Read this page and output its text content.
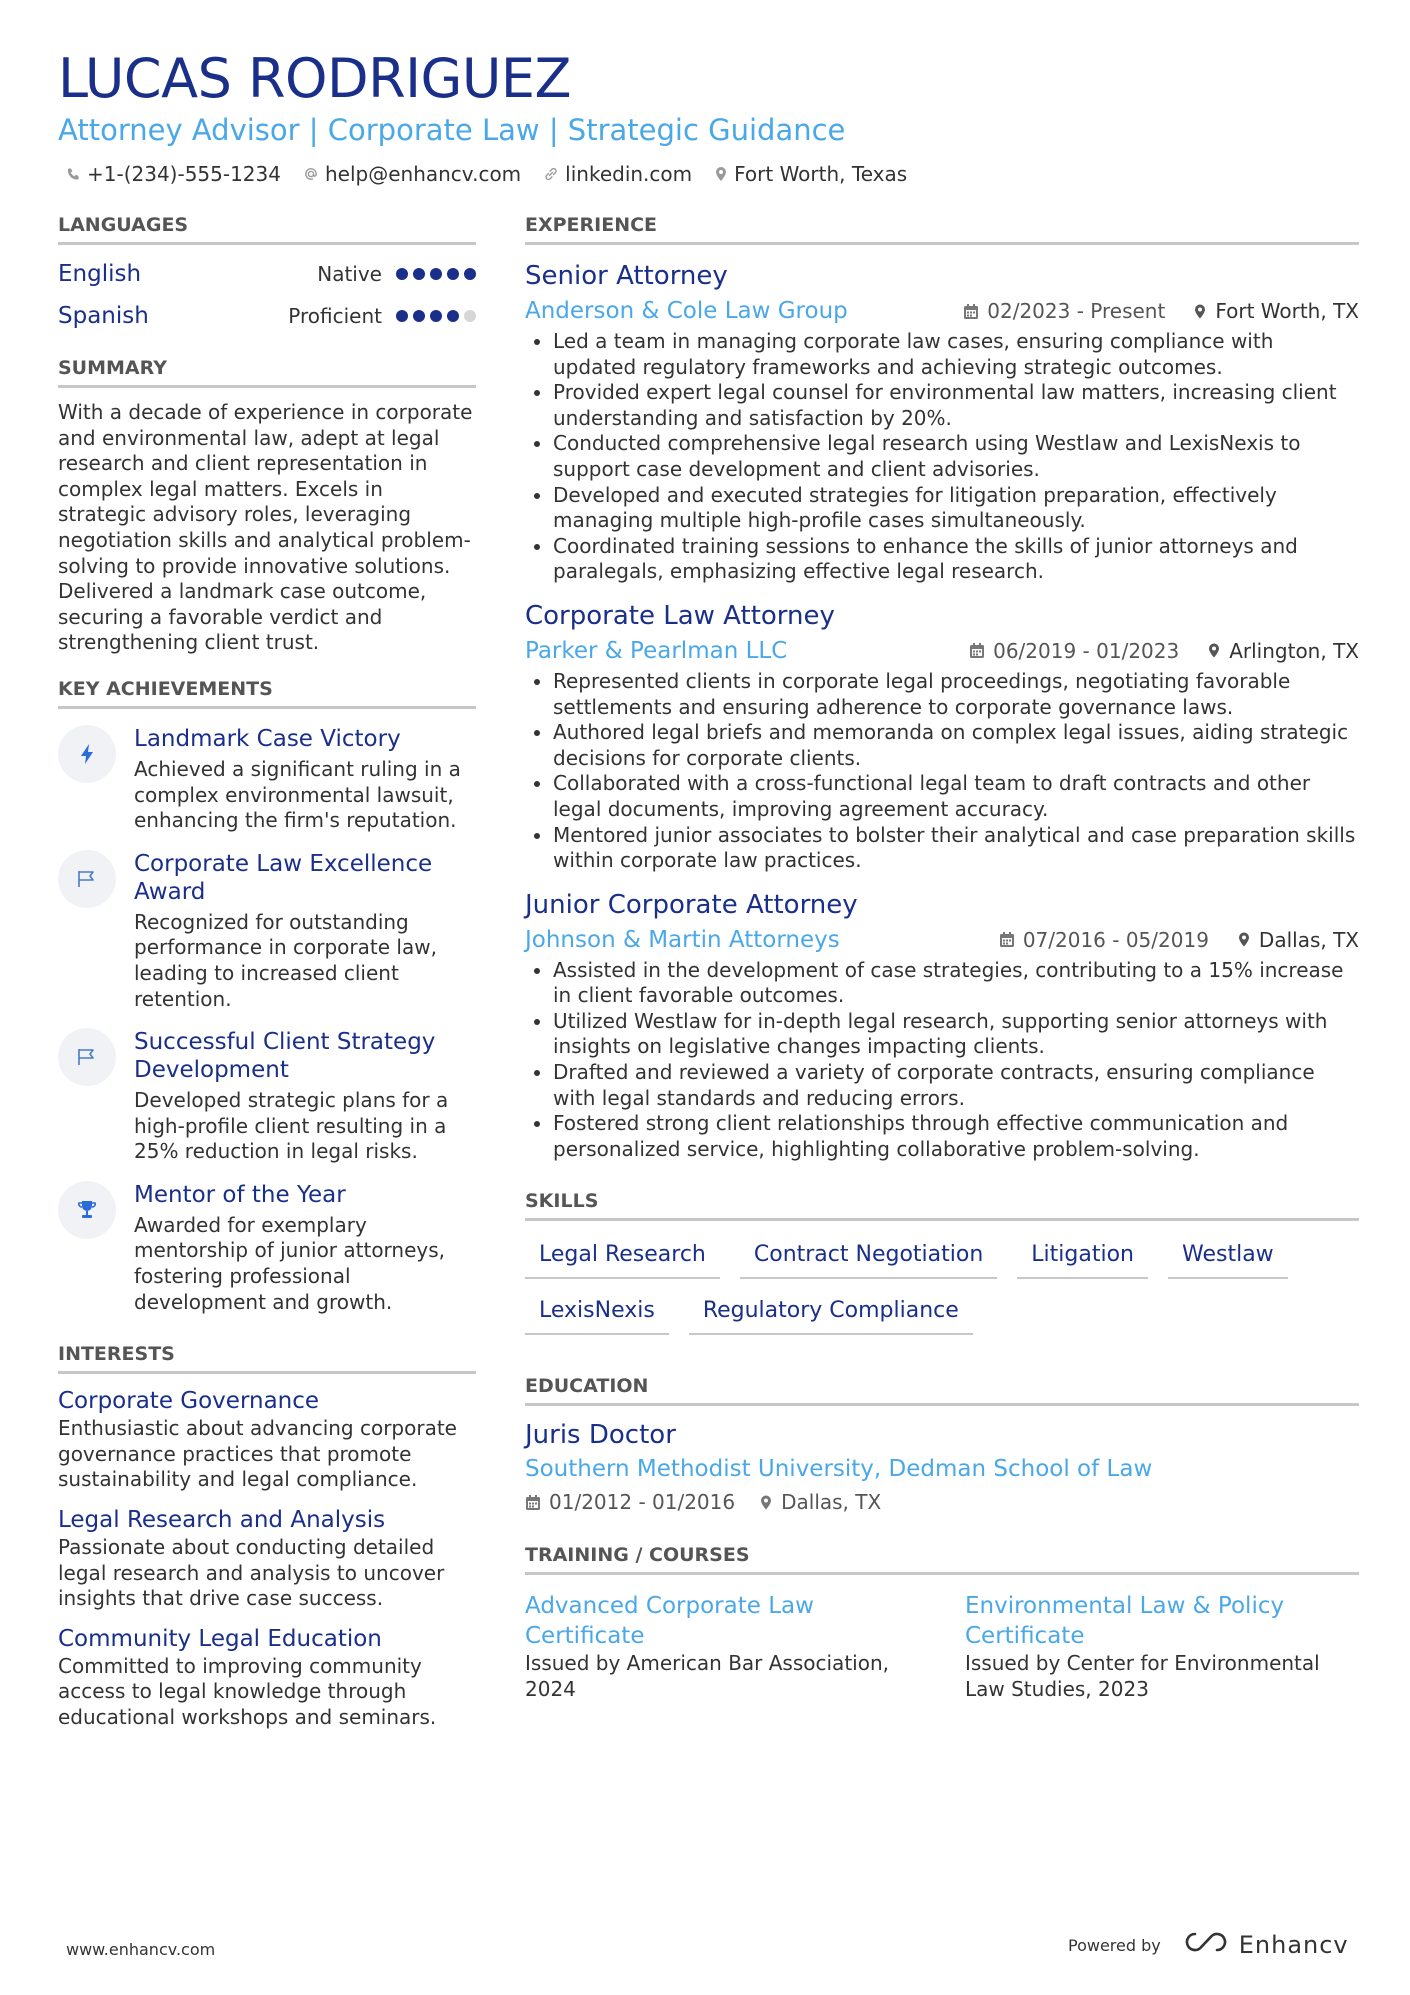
LUCAS RODRIGUEZ
Attorney Advisor | Corporate Law | Strategic Guidance
+1-(234)-555-1234 help@enhancv.com linkedin.com Fort Worth, Texas
LANGUAGES
English	Native
Spanish	Proficient
SUMMARY
With a decade of experience in corporate and environmental law, adept at legal research and client representation in complex legal matters. Excels in strategic advisory roles, leveraging negotiation skills and analytical problem-solving to provide innovative solutions. Delivered a landmark case outcome, securing a favorable verdict and strengthening client trust.
KEY ACHIEVEMENTS
Landmark Case Victory
Achieved a significant ruling in a complex environmental lawsuit, enhancing the firm's reputation.
Corporate Law Excellence Award
Recognized for outstanding performance in corporate law, leading to increased client retention.
Successful Client Strategy Development
Developed strategic plans for a high-profile client resulting in a 25% reduction in legal risks.
Mentor of the Year
Awarded for exemplary mentorship of junior attorneys, fostering professional development and growth.
INTERESTS
Corporate Governance
Enthusiastic about advancing corporate governance practices that promote sustainability and legal compliance.
Legal Research and Analysis
Passionate about conducting detailed legal research and analysis to uncover insights that drive case success.
Community Legal Education
Committed to improving community access to legal knowledge through educational workshops and seminars.
EXPERIENCE
Senior Attorney
Anderson & Cole Law Group	02/2023 - Present	Fort Worth, TX
• Led a team in managing corporate law cases, ensuring compliance with updated regulatory frameworks and achieving strategic outcomes.
• Provided expert legal counsel for environmental law matters, increasing client understanding and satisfaction by 20%.
• Conducted comprehensive legal research using Westlaw and LexisNexis to support case development and client advisories.
• Developed and executed strategies for litigation preparation, effectively managing multiple high-profile cases simultaneously.
• Coordinated training sessions to enhance the skills of junior attorneys and paralegals, emphasizing effective legal research.
Corporate Law Attorney
Parker & Pearlman LLC	06/2019 - 01/2023	Arlington, TX
• Represented clients in corporate legal proceedings, negotiating favorable settlements and ensuring adherence to corporate governance laws.
• Authored legal briefs and memoranda on complex legal issues, aiding strategic decisions for corporate clients.
• Collaborated with a cross-functional legal team to draft contracts and other legal documents, improving agreement accuracy.
• Mentored junior associates to bolster their analytical and case preparation skills within corporate law practices.
Junior Corporate Attorney
Johnson & Martin Attorneys	07/2016 - 05/2019	Dallas, TX
• Assisted in the development of case strategies, contributing to a 15% increase in client favorable outcomes.
• Utilized Westlaw for in-depth legal research, supporting senior attorneys with insights on legislative changes impacting clients.
• Drafted and reviewed a variety of corporate contracts, ensuring compliance with legal standards and reducing errors.
• Fostered strong client relationships through effective communication and personalized service, highlighting collaborative problem-solving.
SKILLS
Legal Research	Contract Negotiation	Litigation	Westlaw
LexisNexis	Regulatory Compliance
EDUCATION
Juris Doctor
Southern Methodist University, Dedman School of Law
01/2012 - 01/2016 Dallas, TX
TRAINING / COURSES
Advanced Corporate Law Certificate
Issued by American Bar Association, 2024
Environmental Law & Policy Certificate
Issued by Center for Environmental Law Studies, 2023
www.enhancv.com	Powered by	Enhancv
